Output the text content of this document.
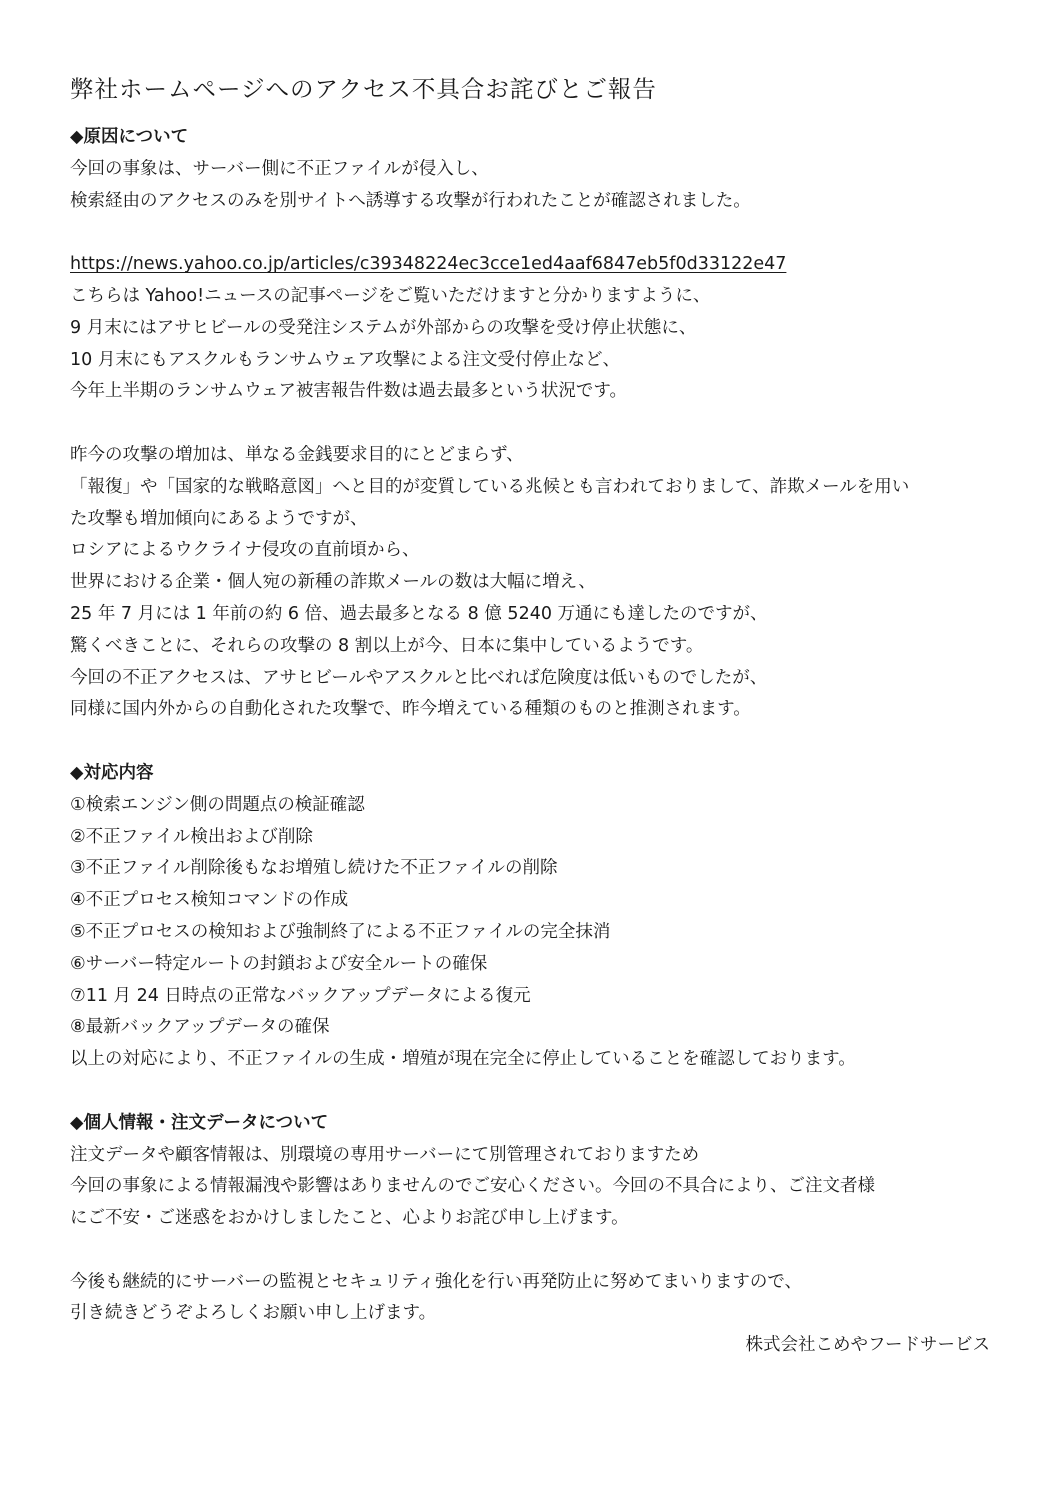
弊社ホームページへのアクセス不具合お詫びとご報告

◆原因について

今回の事象は、サーバー側に不正ファイルが侵入し、

検索経由のアクセスのみを別サイトへ誘導する攻撃が行われたことが確認されました。

https://news.yahoo.co.jp/articles/c39348224ec3cce1ed4aaf6847eb5f0d33122e47

こちらは Yahoo!ニュースの記事ページをご覧いただけますと分かりますように、

9 月末にはアサヒビールの受発注システムが外部からの攻撃を受け停止状態に、

10 月末にもアスクルもランサムウェア攻撃による注文受付停止など、

今年上半期のランサムウェア被害報告件数は過去最多という状況です。

昨今の攻撃の増加は、単なる金銭要求目的にとどまらず、

「報復」や「国家的な戦略意図」へと目的が変質している兆候とも言われておりまして、詐欺メールを用い

た攻撃も増加傾向にあるようですが、

ロシアによるウクライナ侵攻の直前頃から、

世界における企業・個人宛の新種の詐欺メールの数は大幅に増え、

25 年 7 月には 1 年前の約 6 倍、過去最多となる 8 億 5240 万通にも達したのですが、

驚くべきことに、それらの攻撃の 8 割以上が今、日本に集中しているようです。

今回の不正アクセスは、アサヒビールやアスクルと比べれば危険度は低いものでしたが、

同様に国内外からの自動化された攻撃で、昨今増えている種類のものと推測されます。

◆対応内容

①検索エンジン側の問題点の検証確認

②不正ファイル検出および削除

③不正ファイル削除後もなお増殖し続けた不正ファイルの削除

④不正プロセス検知コマンドの作成

⑤不正プロセスの検知および強制終了による不正ファイルの完全抹消

⑥サーバー特定ルートの封鎖および安全ルートの確保

⑦11 月 24 日時点の正常なバックアップデータによる復元

⑧最新バックアップデータの確保

以上の対応により、不正ファイルの生成・増殖が現在完全に停止していることを確認しております。

◆個人情報・注文データについて

注文データや顧客情報は、別環境の専用サーバーにて別管理されておりますため

今回の事象による情報漏洩や影響はありませんのでご安心ください。今回の不具合により、ご注文者様

にご不安・ご迷惑をおかけしましたこと、心よりお詫び申し上げます。

今後も継続的にサーバーの監視とセキュリティ強化を行い再発防止に努めてまいりますので、

引き続きどうぞよろしくお願い申し上げます。

株式会社こめやフードサービス
